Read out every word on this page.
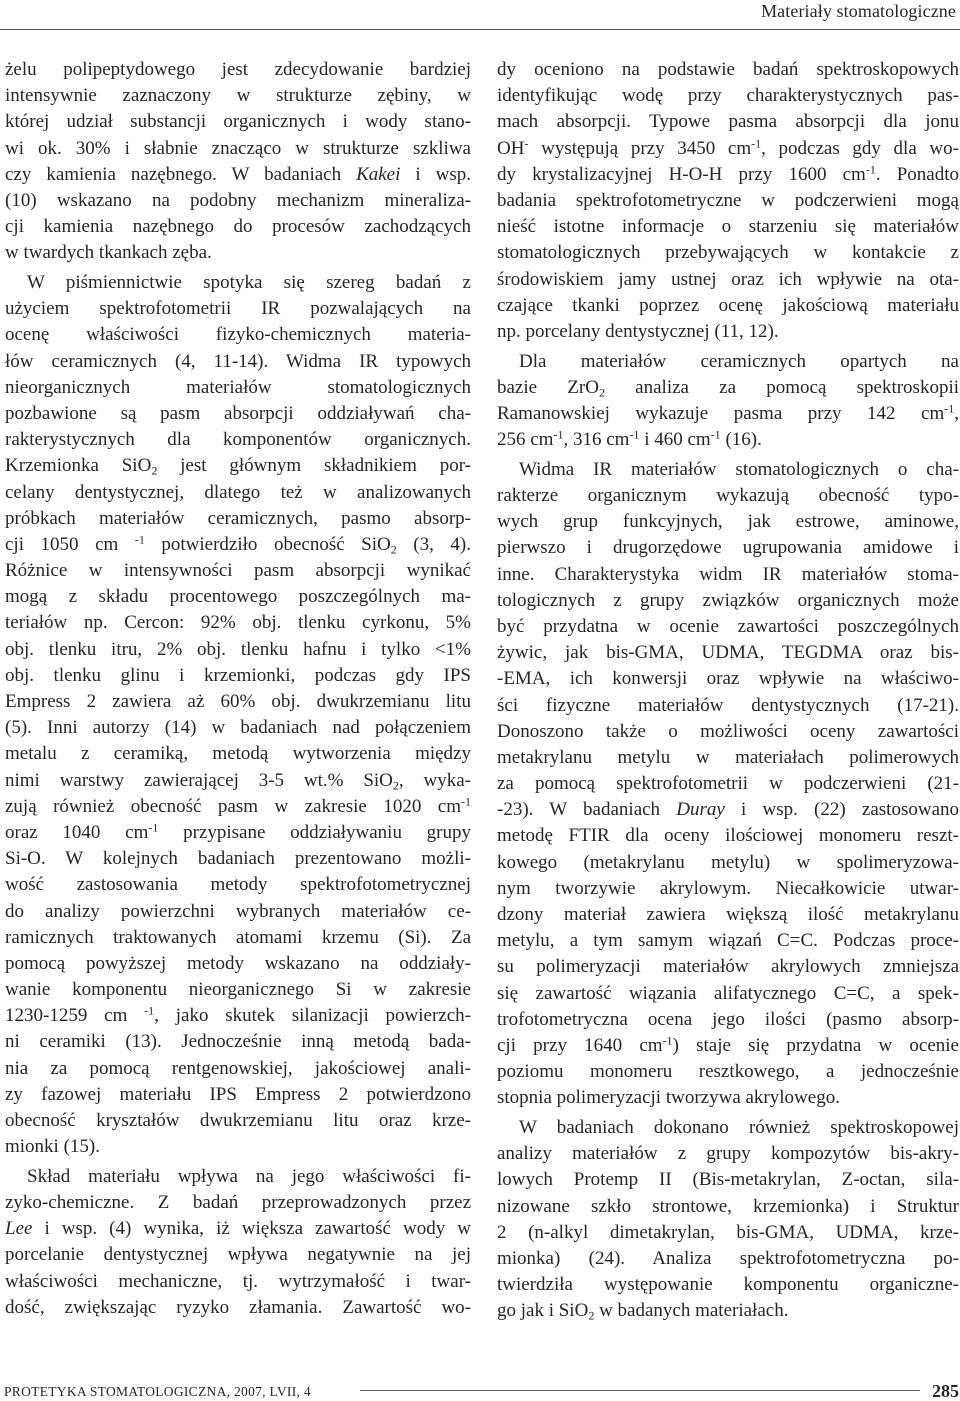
Materiały stomatologiczne
żelu polipeptydowego jest zdecydowanie bardziej
intensywnie zaznaczony w strukturze zębiny, w
której udział substancji organicznych i wody stano-
wi ok. 30% i słabnie znacząco w strukturze szkliwa
czy kamienia nazębnego. W badaniach Kakei i wsp.
(10) wskazano na podobny mechanizm mineraliza-
cji kamienia nazębnego do procesów zachodzących
w twardych tkankach zęba.
W piśmiennictwie spotyka się szereg badań z
użyciem spektrofotometrii IR pozwalających na
ocenę właściwości fizyko-chemicznych materia-
łów ceramicznych (4, 11-14). Widma IR typowych
nieorganicznych materiałów stomatologicznych
pozbawione są pasm absorpcji oddziaływań cha-
rakterystycznych dla komponentów organicznych.
Krzemionka SiO$_2$ jest głównym składnikiem por-
celany dentystycznej, dlatego też w analizowanych
próbkach materiałów ceramicznych, pasmo absorp-
cji 1050 cm $^{-1}$ potwierdziło obecność SiO$_2$ (3, 4).
Różnice w intensywności pasm absorpcji wynikać
mogą z składu procentowego poszczególnych ma-
teriałów np. Cercon: 92% obj. tlenku cyrkonu, 5%
obj. tlenku itru, 2% obj. tlenku hafnu i tylko <1%
obj. tlenku glinu i krzemionki, podczas gdy IPS
Empress 2 zawiera aż 60% obj. dwukrzemianu litu
(5). Inni autorzy (14) w badaniach nad połączeniem
metalu z ceramiką, metodą wytworzenia między
nimi warstwy zawierającej 3-5 wt.% SiO$_2$, wyka-
zują również obecność pasm w zakresie 1020 $cm^{-1}$
oraz 1040 $cm^{-1}$ przypisane oddziaływaniu grupy
Si-O. W kolejnych badaniach prezentowano możli-
wość zastosowania metody spektrofotometrycznej
do analizy powierzchni wybranych materiałów ce-
ramicznych traktowanych atomami krzemu (Si). Za
pomocą powyższej metody wskazano na oddziały-
wanie komponentu nieorganicznego Si w zakresie
1230-1259 cm $^{-1}$, jako skutek silanizacji powierzch-
ni ceramiki (13). Jednocześnie inną metodą bada-
nia za pomocą rentgenowskiej, jakościowej anali-
zy fazowej materiału IPS Empress 2 potwierdzono
obecność kryształów dwukrzemianu litu oraz krze-
mionki (15).
Skład materiału wpływa na jego właściwości fi-
zyko-chemiczne. Z badań przeprowadzonych przez
Lee i wsp. (4) wynika, iż większa zawartość wody w
porcelanie dentystycznej wpływa negatywnie na jej
właściwości mechaniczne, tj. wytrzymałość i twar-
dość, zwiększając ryzyko złamania. Zawartość wo-
dy oceniono na podstawie badań spektroskopowych
identyfikując wodę przy charakterystycznych pas-
mach absorpcji. Typowe pasma absorpcji dla jonu
OH- występują przy 3450 $cm^{-1}$, podczas gdy dla wo-
dy krystalizacyjnej H-O-H przy 1600 $cm^{-1}$. Ponadto
badania spektrofotometryczne w podczerwieni mogą
nieść istotne informacje o starzeniu się materiałów
stomatologicznych przebywających w kontakcie z
środowiskiem jamy ustnej oraz ich wpływie na ota-
czające tkanki poprzez ocenę jakościową materiału
np. porcelany dentystycznej (11, 12).
Dla materiałów ceramicznych opartych na
bazie ZrO$_2$ analiza za pomocą spektroskopii
Ramanowskiej wykazuje pasma przy 142 $cm^{-1}$,
256 $cm^{-1}$, 316 $cm^{-1}$ i 460 $cm^{-1}$ (16).
Widma IR materiałów stomatologicznych o cha-
rakterze organicznym wykazują obecność typo-
wych grup funkcyjnych, jak estrowe, aminowe,
pierwszo i drugorzędowe ugrupowania amidowe i
inne. Charakterystyka widm IR materiałów stoma-
tologicznych z grupy związków organicznych może
być przydatna w ocenie zawartości poszczególnych
żywic, jak bis-GMA, UDMA, TEGDMA oraz bis-
-EMA, ich konwersji oraz wpływie na właściwo-
ści fizyczne materiałów dentystycznych (17-21).
Donoszono także o możliwości oceny zawartości
metakrylanu metylu w materiałach polimerowych
za pomocą spektrofotometrii w podczerwieni (21-
-23). W badaniach Duray i wsp. (22) zastosowano
metodę FTIR dla oceny ilościowej monomeru reszt-
kowego (metakrylanu metylu) w spolimeryzowa-
nym tworzywie akrylowym. Niecałkowicie utwar-
dzony materiał zawiera większą ilość metakrylanu
metylu, a tym samym wiązań C=C. Podczas proce-
su polimeryzacji materiałów akrylowych zmniejsza
się zawartość wiązania alifatycznego C=C, a spek-
trofotometryczna ocena jego ilości (pasmo absorp-
cji przy 1640 $cm^{-1}$) staje się przydatna w ocenie
poziomu monomeru resztkowego, a jednocześnie
stopnia polimeryzacji tworzywa akrylowego.
W badaniach dokonano również spektroskopowej
analizy materiałów z grupy kompozytów bis-akry-
lowych Protemp II (Bis-metakrylan, Z-octan, sila-
nizowane szkło strontowe, krzemionka) i Struktur
2 (n-alkyl dimetakrylan, bis-GMA, UDMA, krze-
mionka) (24). Analiza spektrofotometryczna po-
twierdziła występowanie komponentu organiczne-
go jak i SiO$_2$ w badanych materiałach.
PROTETYKA STOMATOLOGICZNA, 2007, LVII, 4	285
